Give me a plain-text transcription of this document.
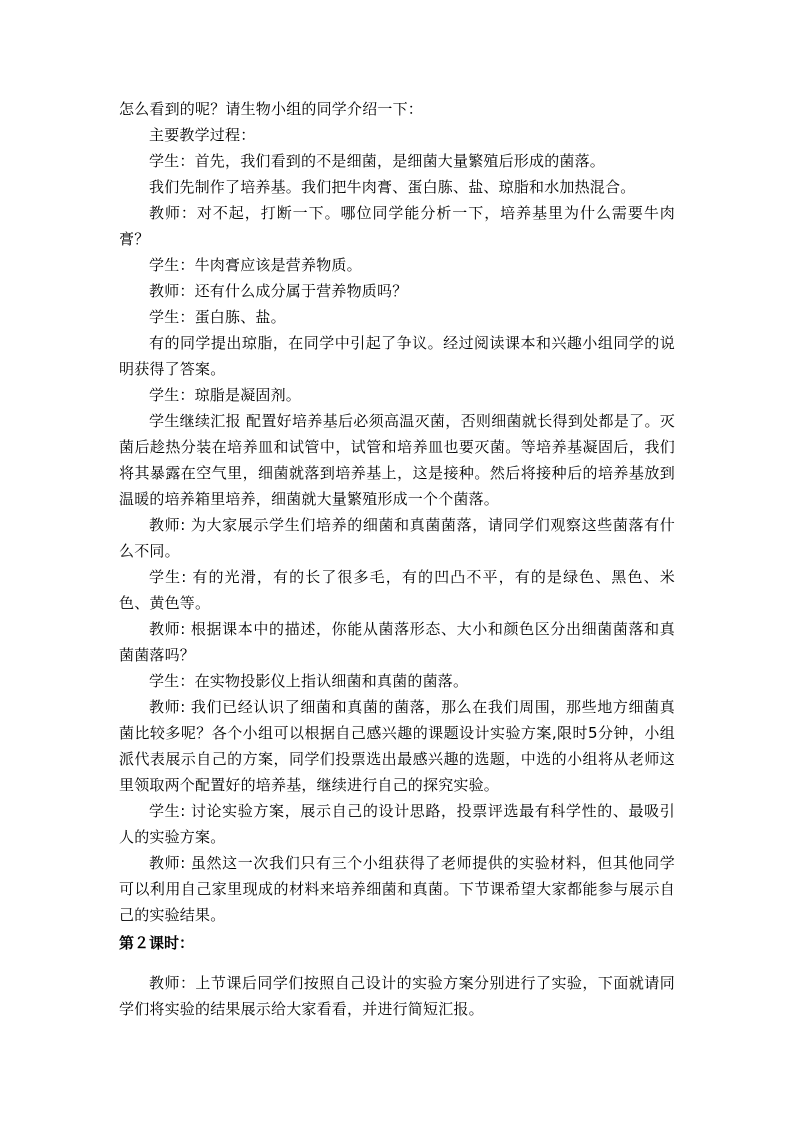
怎么看到的呢？请生物小组的同学介绍一下：

主要教学过程：

学生：首先，我们看到的不是细菌，是细菌大量繁殖后形成的菌落。

我们先制作了培养基。我们把牛肉膏、蛋白胨、盐、琼脂和水加热混合。

教师：对不起，打断一下。哪位同学能分析一下，培养基里为什么需要牛肉膏？

学生：牛肉膏应该是营养物质。

教师：还有什么成分属于营养物质吗？

学生：蛋白胨、盐。

有的同学提出琼脂，在同学中引起了争议。经过阅读课本和兴趣小组同学的说明获得了答案。

学生：琼脂是凝固剂。

学生继续汇报 配置好培养基后必须高温灭菌，否则细菌就长得到处都是了。灭菌后趁热分装在培养皿和试管中，试管和培养皿也要灭菌。等培养基凝固后，我们将其暴露在空气里，细菌就落到培养基上，这是接种。然后将接种后的培养基放到温暖的培养箱里培养，细菌就大量繁殖形成一个个菌落。

教师: 为大家展示学生们培养的细菌和真菌菌落，请同学们观察这些菌落有什么不同。

学生: 有的光滑，有的长了很多毛，有的凹凸不平，有的是绿色、黑色、米色、黄色等。

教师: 根据课本中的描述，你能从菌落形态、大小和颜色区分出细菌菌落和真菌菌落吗？

学生：在实物投影仪上指认细菌和真菌的菌落。

教师: 我们已经认识了细菌和真菌的菌落，那么在我们周围，那些地方细菌真菌比较多呢？各个小组可以根据自己感兴趣的课题设计实验方案,限时5分钟，小组派代表展示自己的方案，同学们投票选出最感兴趣的选题，中选的小组将从老师这里领取两个配置好的培养基，继续进行自己的探究实验。

学生: 讨论实验方案，展示自己的设计思路，投票评选最有科学性的、最吸引人的实验方案。

教师: 虽然这一次我们只有三个小组获得了老师提供的实验材料，但其他同学可以利用自己家里现成的材料来培养细菌和真菌。下节课希望大家都能参与展示自己的实验结果。

第２课时：

教师：上节课后同学们按照自己设计的实验方案分别进行了实验，下面就请同学们将实验的结果展示给大家看看，并进行简短汇报。
